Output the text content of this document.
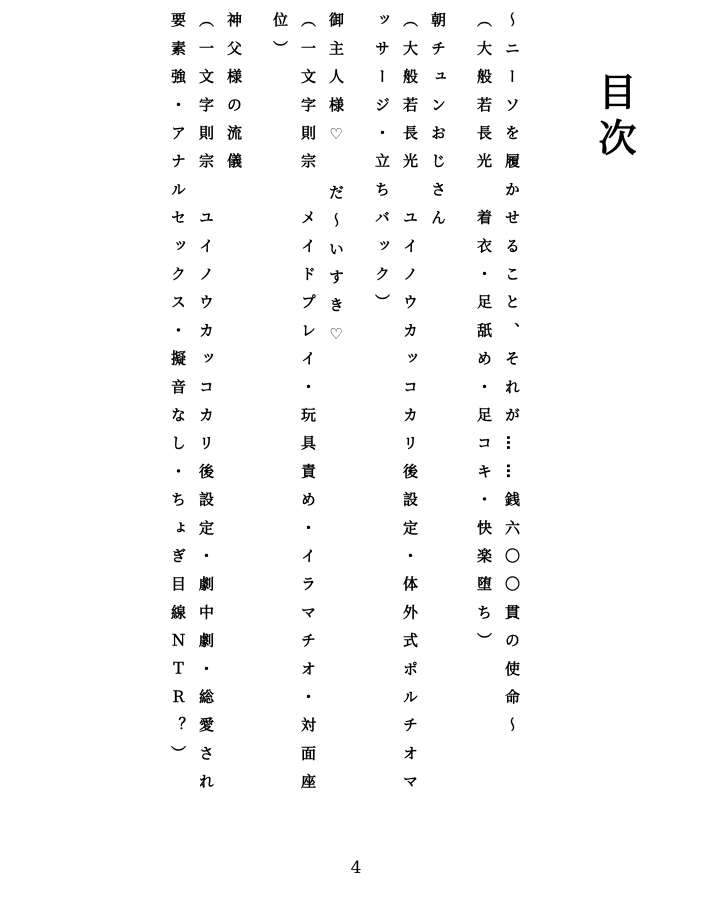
目次
～ニーソを履かせること、それが……銭六〇〇貫の使命～
（大般若長光　着衣・足舐め・足コキ・快楽堕ち）
朝チュンおじさん
（大般若長光　ユイノウカッコカリ後設定・体外式ポルチオマ
ッサージ・立ちバック）
御主人様♡　だ～いすき♡
（一文字則宗　メイドプレイ・玩具責め・イラマチオ・対面座
位）
神父様の流儀
（一文字則宗　ユイノウカッコカリ後設定・劇中劇・総愛され
要素強・アナルセックス・擬音なし・ちょぎ目線ＮＴＲ？）
4
